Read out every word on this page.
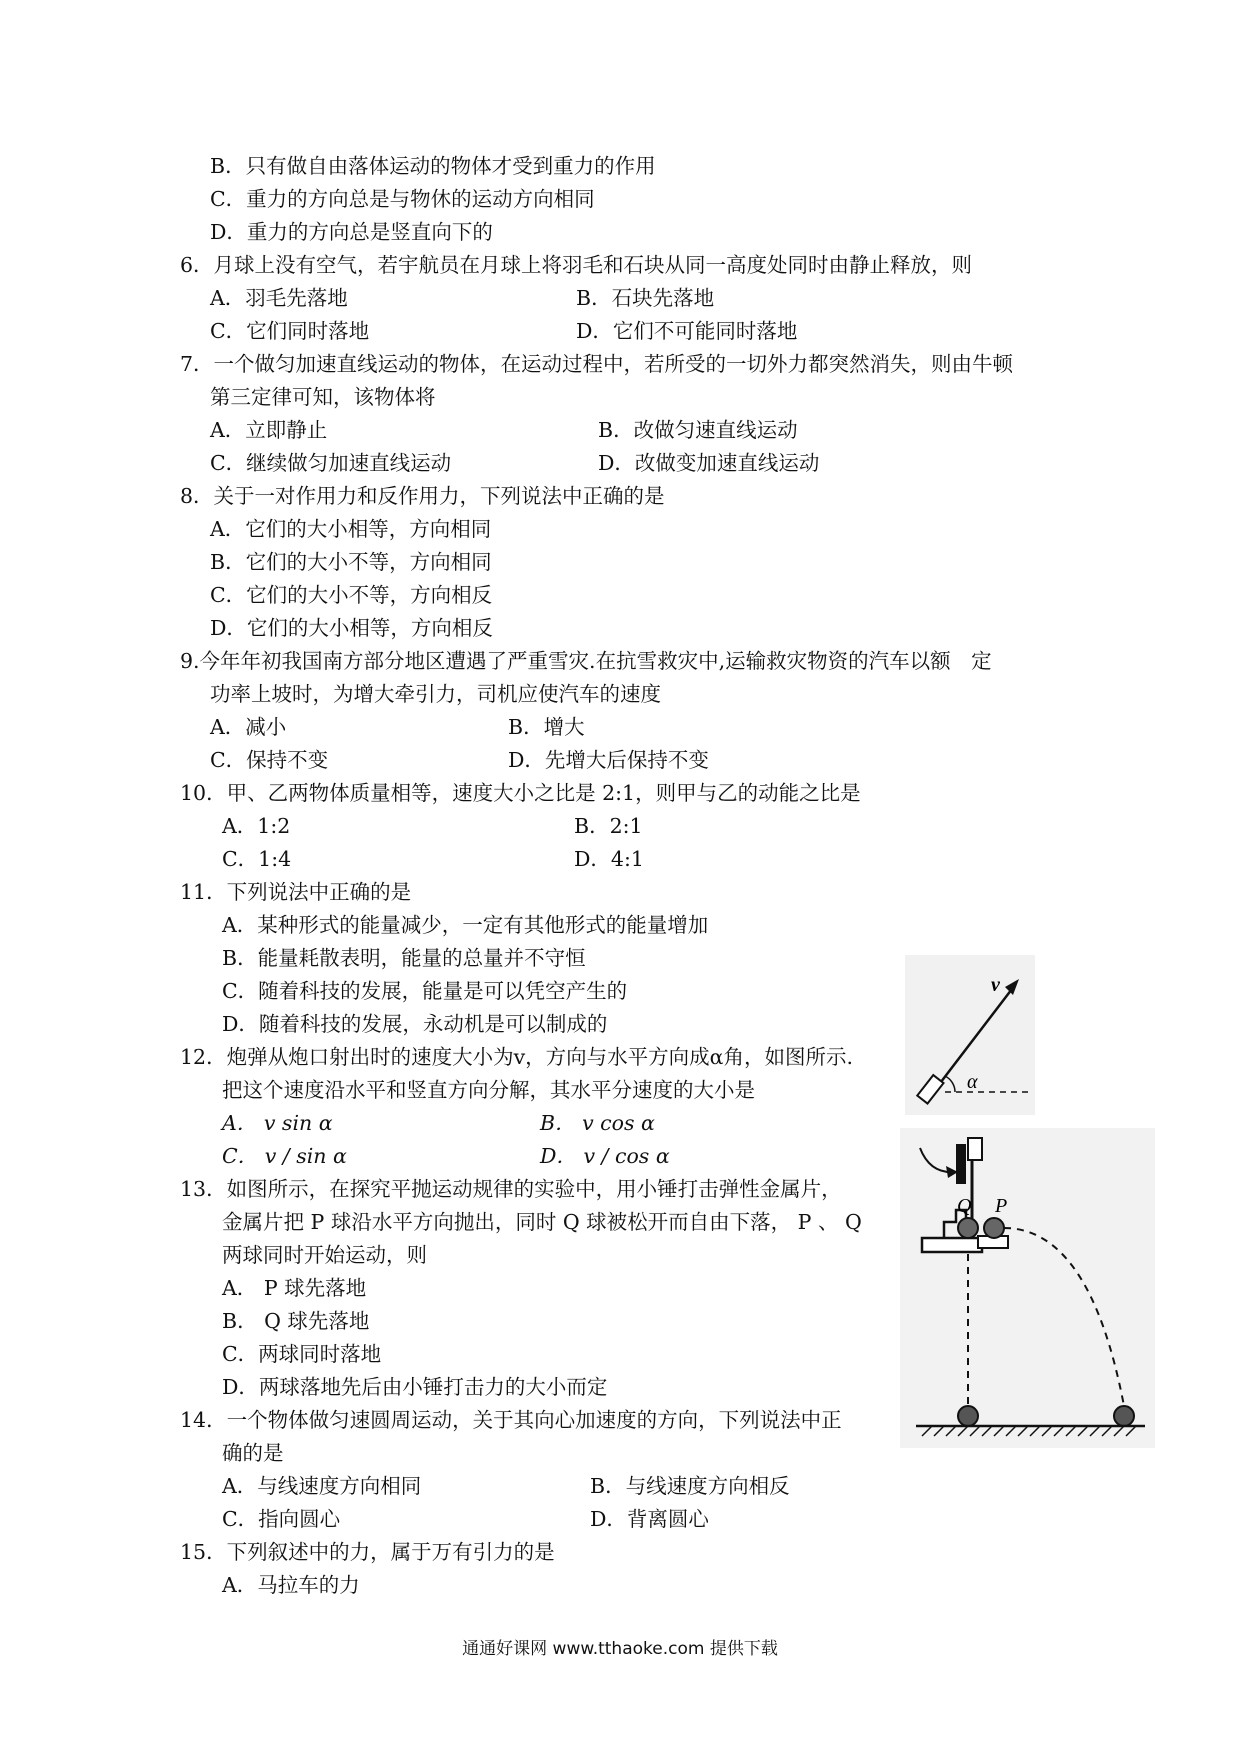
B．只有做自由落体运动的物体才受到重力的作用
C．重力的方向总是与物休的运动方向相同
D．重力的方向总是竖直向下的
6．月球上没有空气，若宇航员在月球上将羽毛和石块从同一高度处同时由静止释放，则
A．羽毛先落地	B．石块先落地
C．它们同时落地	D．它们不可能同时落地
7．一个做匀加速直线运动的物体，在运动过程中，若所受的一切外力都突然消失，则由牛顿
第三定律可知，该物体将
A．立即静止	B．改做匀速直线运动
C．继续做匀加速直线运动	D．改做变加速直线运动
8．关于一对作用力和反作用力，下列说法中正确的是
A．它们的大小相等，方向相同
B．它们的大小不等，方向相同
C．它们的大小不等，方向相反
D．它们的大小相等，方向相反
9.今年年初我国南方部分地区遭遇了严重雪灾.在抗雪救灾中,运输救灾物资的汽车以额　定
功率上坡时，为增大牵引力，司机应使汽车的速度
A．减小	B．增大
C．保持不变	D．先增大后保持不变
10．甲、乙两物体质量相等，速度大小之比是 2:1，则甲与乙的动能之比是
A．1:2	B．2:1
C．1:4	D．4:1
11．下列说法中正确的是
A．某种形式的能量减少，一定有其他形式的能量增加
B．能量耗散表明，能量的总量并不守恒
C．随着科技的发展，能量是可以凭空产生的
D．随着科技的发展，永动机是可以制成的
12．炮弹从炮口射出时的速度大小为v，方向与水平方向成α角，如图所示.
把这个速度沿水平和竖直方向分解，其水平分速度的大小是
A． v sin α	B． v cos α
C． v / sin α	D． v / cos α
13．如图所示，在探究平抛运动规律的实验中，用小锤打击弹性金属片，
金属片把 P 球沿水平方向抛出，同时 Q 球被松开而自由下落， P 、 Q
两球同时开始运动，则
A． P 球先落地
B． Q 球先落地
C．两球同时落地
D．两球落地先后由小锤打击力的大小而定
14．一个物体做匀速圆周运动，关于其向心加速度的方向，下列说法中正
确的是
A．与线速度方向相同	B．与线速度方向相反
C．指向圆心	D．背离圆心
15．下列叙述中的力，属于万有引力的是
A．马拉车的力
v
α
Q P
通通好课网 www.tthaoke.com 提供下载
